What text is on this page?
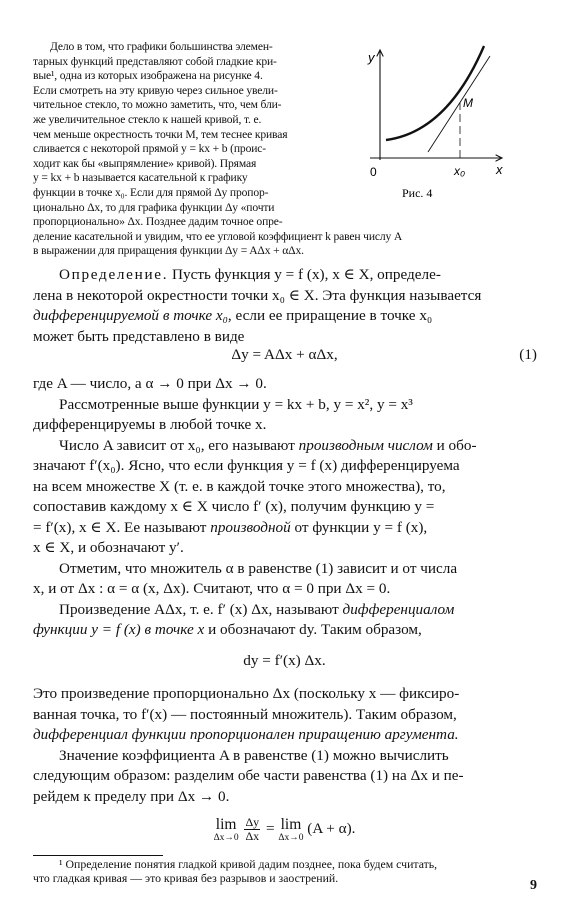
Дело в том, что графики большинства элемен-

тарных функций представляют собой гладкие кри-

вые¹, одна из которых изображена на рисунке 4.

Если смотреть на эту кривую через сильное увели-

чительное стекло, то можно заметить, что, чем бли-

же увеличительное стекло к нашей кривой, т. е.

чем меньше окрестность точки M, тем теснее кривая

сливается с некоторой прямой y = kx + b (проис-

ходит как бы «выпрямление» кривой). Прямая

y = kx + b называется касательной к графику

функции в точке x₀. Если для прямой Δy пропор-

ционально Δx, то для графика функции Δy «почти

пропорционально» Δx. Позднее дадим точное опре-

деление касательной и увидим, что ее угловой коэффициент k равен числу A

в выражении для приращения функции Δy = AΔx + αΔx.

y
x
0	x₀
M
Рис. 4

Определение. Пусть функция y = f (x), x ∈ X, определе-

лена в некоторой окрестности точки x₀ ∈ X. Эта функция называется

дифференцируемой в точке x₀, если ее приращение в точке x₀

может быть представлено в виде

Δy = AΔx + αΔx,	(1)

где A — число, а α → 0 при Δx → 0.

Рассмотренные выше функции y = kx + b, y = x², y = x³

дифференцируемы в любой точке x.

Число A зависит от x₀, его называют производным числом и обо-

значают f′(x₀). Ясно, что если функция y = f (x) дифференцируема

на всем множестве X (т. е. в каждой точке этого множества), то,

сопоставив каждому x ∈ X число f′ (x), получим функцию y =

= f′(x), x ∈ X. Ее называют производной от функции y = f (x),

x ∈ X, и обозначают y′.

Отметим, что множитель α в равенстве (1) зависит и от числа

x, и от Δx : α = α (x, Δx). Считают, что α = 0 при Δx = 0.

Произведение AΔx, т. е. f′ (x) Δx, называют дифференциалом

функции y = f (x) в точке x и обозначают dy. Таким образом,

dy = f′(x) Δx.

Это произведение пропорционально Δx (поскольку x — фиксиро-

ванная точка, то f′(x) — постоянный множитель). Таким образом,

дифференциал функции пропорционален приращению аргумента.

Значение коэффициента A в равенстве (1) можно вычислить

следующим образом: разделим обе части равенства (1) на Δx и пе-

рейдем к пределу при Δx → 0.

lim
Δx→0
$\frac{\Delta y}{\Delta x} = \lim$
Δx→0
(A + α).

¹ Определение понятия гладкой кривой дадим позднее, пока будем считать,

что гладкая кривая — это кривая без разрывов и заострений.	9
